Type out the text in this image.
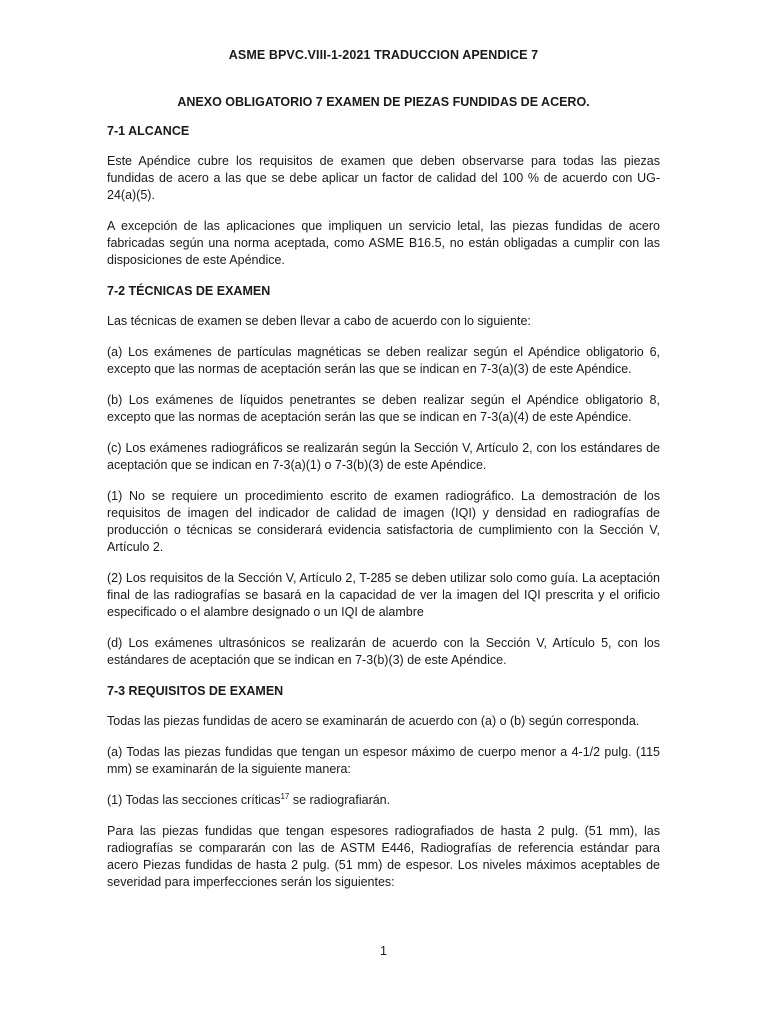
ASME BPVC.VIII-1-2021 TRADUCCION APENDICE 7
ANEXO OBLIGATORIO 7 EXAMEN DE PIEZAS FUNDIDAS DE ACERO.
7-1 ALCANCE

Este Apéndice cubre los requisitos de examen que deben observarse para todas las piezas fundidas de acero a las que se debe aplicar un factor de calidad del 100 % de acuerdo con UG-24(a)(5).

A excepción de las aplicaciones que impliquen un servicio letal, las piezas fundidas de acero fabricadas según una norma aceptada, como ASME B16.5, no están obligadas a cumplir con las disposiciones de este Apéndice.

7-2 TÉCNICAS DE EXAMEN

Las técnicas de examen se deben llevar a cabo de acuerdo con lo siguiente:

(a) Los exámenes de partículas magnéticas se deben realizar según el Apéndice obligatorio 6, excepto que las normas de aceptación serán las que se indican en 7-3(a)(3) de este Apéndice.

(b) Los exámenes de líquidos penetrantes se deben realizar según el Apéndice obligatorio 8, excepto que las normas de aceptación serán las que se indican en 7-3(a)(4) de este Apéndice.

(c) Los exámenes radiográficos se realizarán según la Sección V, Artículo 2, con los estándares de aceptación que se indican en 7-3(a)(1) o 7-3(b)(3) de este Apéndice.

(1) No se requiere un procedimiento escrito de examen radiográfico. La demostración de los requisitos de imagen del indicador de calidad de imagen (IQI) y densidad en radiografías de producción o técnicas se considerará evidencia satisfactoria de cumplimiento con la Sección V, Artículo 2.

(2) Los requisitos de la Sección V, Artículo 2, T-285 se deben utilizar solo como guía. La aceptación final de las radiografías se basará en la capacidad de ver la imagen del IQI prescrita y el orificio especificado o el alambre designado o un IQI de alambre

(d) Los exámenes ultrasónicos se realizarán de acuerdo con la Sección V, Artículo 5, con los estándares de aceptación que se indican en 7-3(b)(3) de este Apéndice.

7-3 REQUISITOS DE EXAMEN

Todas las piezas fundidas de acero se examinarán de acuerdo con (a) o (b) según corresponda.

(a) Todas las piezas fundidas que tengan un espesor máximo de cuerpo menor a 4-1/2 pulg. (115 mm) se examinarán de la siguiente manera:

(1) Todas las secciones críticas$^{17}$ se radiografiarán.

Para las piezas fundidas que tengan espesores radiografiados de hasta 2 pulg. (51 mm), las radiografías se compararán con las de ASTM E446, Radiografías de referencia estándar para acero Piezas fundidas de hasta 2 pulg. (51 mm) de espesor. Los niveles máximos aceptables de severidad para imperfecciones serán los siguientes:

1
